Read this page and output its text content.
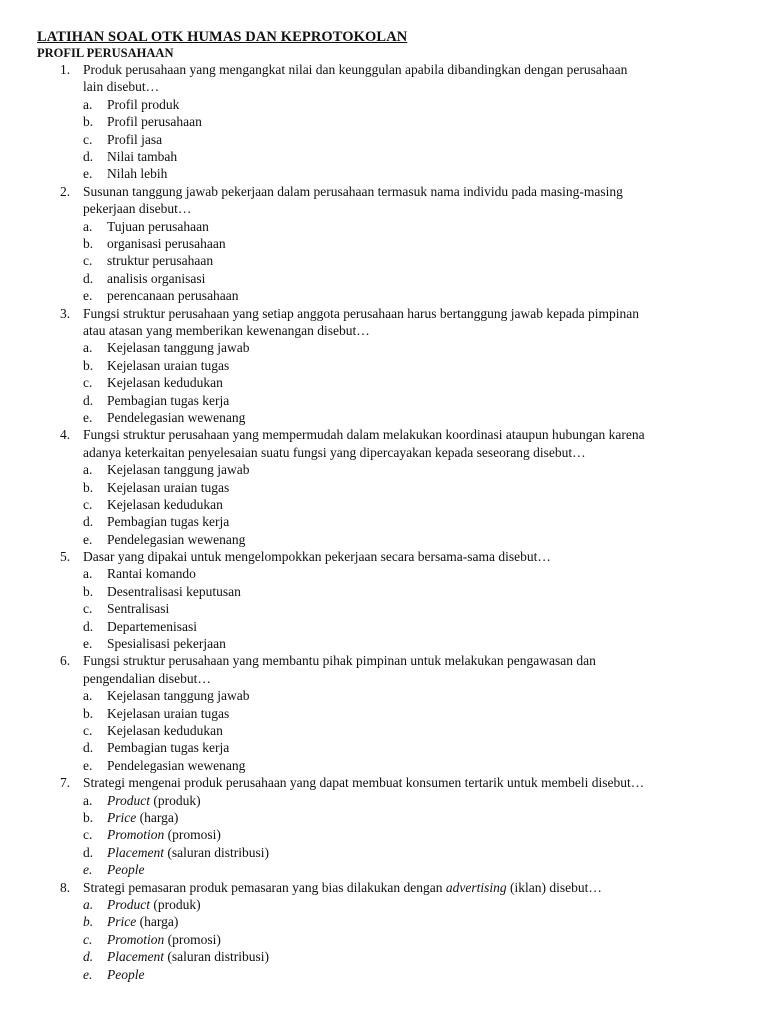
LATIHAN SOAL OTK HUMAS DAN KEPROTOKOLAN
PROFIL PERUSAHAAN
1. Produk perusahaan yang mengangkat nilai dan keunggulan apabila dibandingkan dengan perusahaan
lain disebut…
a. Profil produk
b. Profil perusahaan
c. Profil jasa
d. Nilai tambah
e. Nilah lebih
2. Susunan tanggung jawab pekerjaan dalam perusahaan termasuk nama individu pada masing-masing
pekerjaan disebut…
a. Tujuan perusahaan
b. organisasi perusahaan
c. struktur perusahaan
d. analisis organisasi
e. perencanaan perusahaan
3. Fungsi struktur perusahaan yang setiap anggota perusahaan harus bertanggung jawab kepada pimpinan
atau atasan yang memberikan kewenangan disebut…
a. Kejelasan tanggung jawab
b. Kejelasan uraian tugas
c. Kejelasan kedudukan
d. Pembagian tugas kerja
e. Pendelegasian wewenang
4. Fungsi struktur perusahaan yang mempermudah dalam melakukan koordinasi ataupun hubungan karena
adanya keterkaitan penyelesaian suatu fungsi yang dipercayakan kepada seseorang disebut…
a. Kejelasan tanggung jawab
b. Kejelasan uraian tugas
c. Kejelasan kedudukan
d. Pembagian tugas kerja
e. Pendelegasian wewenang
5. Dasar yang dipakai untuk mengelompokkan pekerjaan secara bersama-sama disebut…
a. Rantai komando
b. Desentralisasi keputusan
c. Sentralisasi
d. Departemenisasi
e. Spesialisasi pekerjaan
6. Fungsi struktur perusahaan yang membantu pihak pimpinan untuk melakukan pengawasan dan
pengendalian disebut…
a. Kejelasan tanggung jawab
b. Kejelasan uraian tugas
c. Kejelasan kedudukan
d. Pembagian tugas kerja
e. Pendelegasian wewenang
7. Strategi mengenai produk perusahaan yang dapat membuat konsumen tertarik untuk membeli disebut…
a. Product (produk)
b. Price (harga)
c. Promotion (promosi)
d. Placement (saluran distribusi)
e. People
8. Strategi pemasaran produk pemasaran yang bias dilakukan dengan advertising (iklan) disebut…
a. Product (produk)
b. Price (harga)
c. Promotion (promosi)
d. Placement (saluran distribusi)
e. People
